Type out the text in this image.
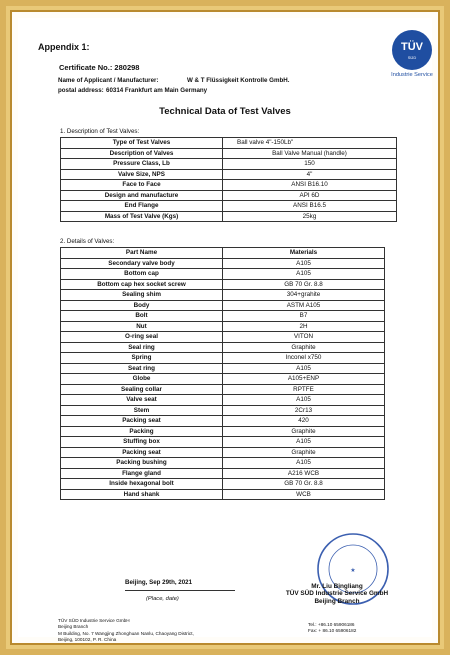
Appendix 1:
Certificate No.: 280298
Name of Applicant / Manufacturer:	W & T Flüssigkeit Kontrolle GmbH.
postal address: 60314 Frankfurt am Main Germany
TÜV
SÜD
Industrie Service
Technical Data of Test Valves
1. Description of Test Valves:
Type of Test Valves	Ball valve 4"-150Lb"
Description of Valves	Ball Valve Manual (handle)
Pressure Class, Lb	150
Valve Size, NPS	4"
Face to Face	ANSI B16.10
Design and manufacture	API 6D
End Flange	ANSI B16.5
Mass of Test Valve (Kgs)	25kg
2. Details of Valves:
Part Name	Materials
Secondary valve body	A105
Bottom cap	A105
Bottom cap hex socket screw	GB 70 Gr. 8.8
Sealing shim	304+grahite
Body	ASTM A105
Bolt	B7
Nut	2H
O-ring seal	VITON
Seal ring	Graphite
Spring	Inconel x750
Seat ring	A105
Globe	A105+ENP
Sealing collar	RPTFE
Valve seat	A105
Stem	2Cr13
Packing seat	420
Packing	Graphite
Stuffing box	A105
Packing seat	Graphite
Packing bushing	A105
Flange gland	A216 WCB
Inside hexagonal bolt	GB 70 Gr. 8.8
Hand shank	WCB
Beijing, Sep 29th, 2021
(Place, date)
★
Mr. Liu Bingliang
TÜV SÜD Industrie Service GmbH
Beijing Branch
TÜV SÜD Industrie Service GmbH
Beijing Branch
M Building, No. 7 Wangjing Zhonghuan Nanlu, Chaoyang District,
Beijing, 100102, P. R. China
Tel.: +86.10 65906186
Fax: + 86.10 65906182
